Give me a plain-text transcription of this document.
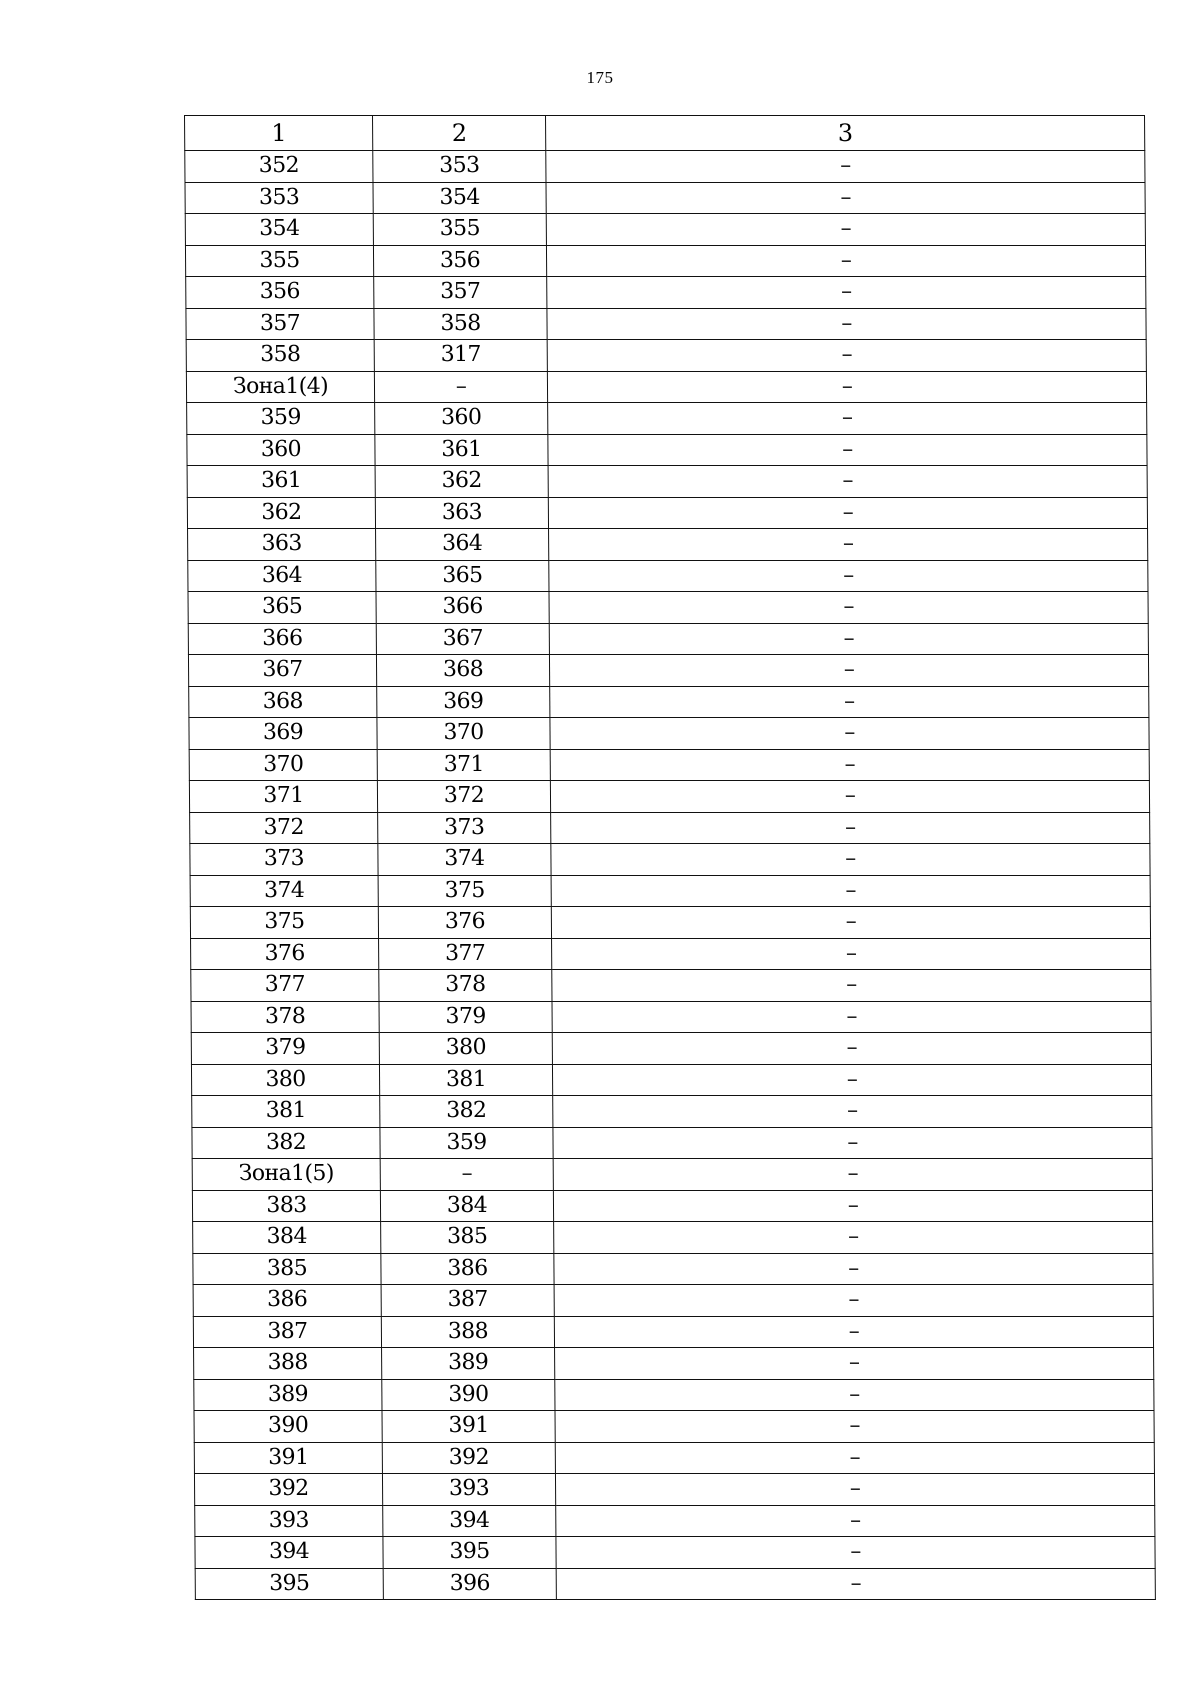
175
1	2	3
352	353	–
353	354	–
354	355	–
355	356	–
356	357	–
357	358	–
358	317	–
Зона1(4)	–	–
359	360	–
360	361	–
361	362	–
362	363	–
363	364	–
364	365	–
365	366	–
366	367	–
367	368	–
368	369	–
369	370	–
370	371	–
371	372	–
372	373	–
373	374	–
374	375	–
375	376	–
376	377	–
377	378	–
378	379	–
379	380	–
380	381	–
381	382	–
382	359	–
Зона1(5)	–	–
383	384	–
384	385	–
385	386	–
386	387	–
387	388	–
388	389	–
389	390	–
390	391	–
391	392	–
392	393	–
393	394	–
394	395	–
395	396	–
